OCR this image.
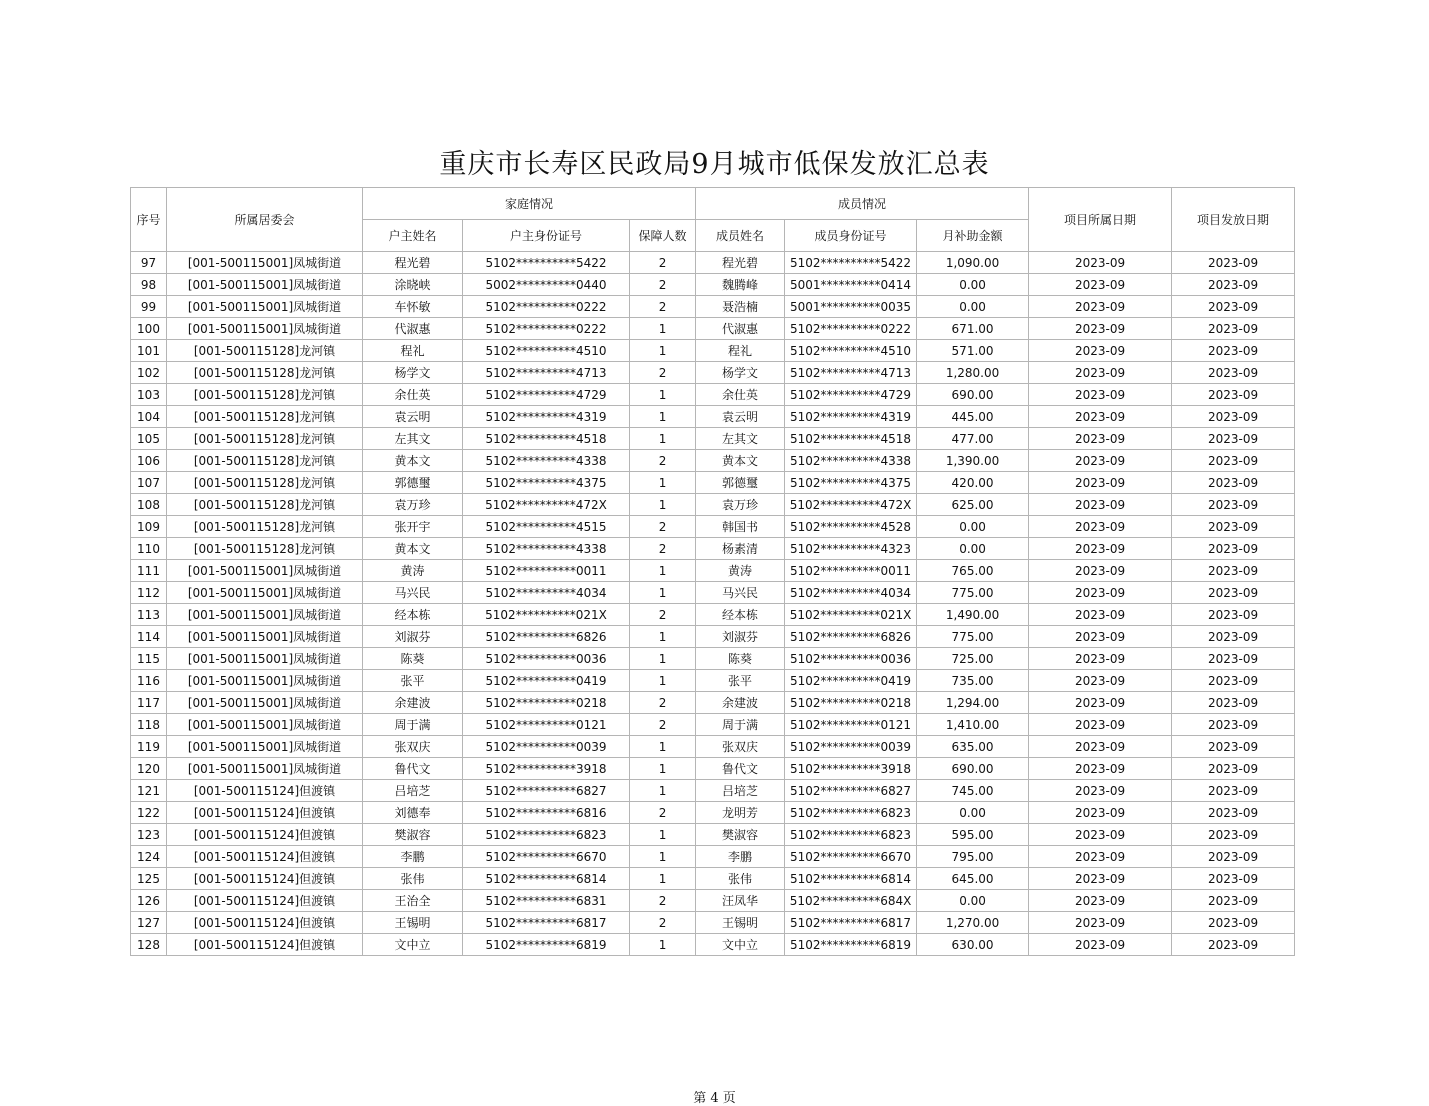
重庆市长寿区民政局9月城市低保发放汇总表
序号	所属居委会	家庭情况			成员情况			项目所属日期	项目发放日期
		户主姓名	户主身份证号	保障人数	成员姓名	成员身份证号	月补助金额		
97	[001-500115001]凤城街道	程光碧	5102**********5422	2	程光碧	5102**********5422	1,090.00	2023-09	2023-09
98	[001-500115001]凤城街道	涂晓峡	5002**********0440	2	魏腾峰	5001**********0414	0.00	2023-09	2023-09
99	[001-500115001]凤城街道	车怀敏	5102**********0222	2	聂浩楠	5001**********0035	0.00	2023-09	2023-09
100	[001-500115001]凤城街道	代淑惠	5102**********0222	1	代淑惠	5102**********0222	671.00	2023-09	2023-09
101	[001-500115128]龙河镇	程礼	5102**********4510	1	程礼	5102**********4510	571.00	2023-09	2023-09
102	[001-500115128]龙河镇	杨学文	5102**********4713	2	杨学文	5102**********4713	1,280.00	2023-09	2023-09
103	[001-500115128]龙河镇	余仕英	5102**********4729	1	余仕英	5102**********4729	690.00	2023-09	2023-09
104	[001-500115128]龙河镇	袁云明	5102**********4319	1	袁云明	5102**********4319	445.00	2023-09	2023-09
105	[001-500115128]龙河镇	左其文	5102**********4518	1	左其文	5102**********4518	477.00	2023-09	2023-09
106	[001-500115128]龙河镇	黄本文	5102**********4338	2	黄本文	5102**********4338	1,390.00	2023-09	2023-09
107	[001-500115128]龙河镇	郭德璽	5102**********4375	1	郭德璽	5102**********4375	420.00	2023-09	2023-09
108	[001-500115128]龙河镇	袁万珍	5102**********472X	1	袁万珍	5102**********472X	625.00	2023-09	2023-09
109	[001-500115128]龙河镇	张开宇	5102**********4515	2	韩国书	5102**********4528	0.00	2023-09	2023-09
110	[001-500115128]龙河镇	黄本文	5102**********4338	2	杨素清	5102**********4323	0.00	2023-09	2023-09
111	[001-500115001]凤城街道	黄涛	5102**********0011	1	黄涛	5102**********0011	765.00	2023-09	2023-09
112	[001-500115001]凤城街道	马兴民	5102**********4034	1	马兴民	5102**********4034	775.00	2023-09	2023-09
113	[001-500115001]凤城街道	经本栋	5102**********021X	2	经本栋	5102**********021X	1,490.00	2023-09	2023-09
114	[001-500115001]凤城街道	刘淑芬	5102**********6826	1	刘淑芬	5102**********6826	775.00	2023-09	2023-09
115	[001-500115001]凤城街道	陈葵	5102**********0036	1	陈葵	5102**********0036	725.00	2023-09	2023-09
116	[001-500115001]凤城街道	张平	5102**********0419	1	张平	5102**********0419	735.00	2023-09	2023-09
117	[001-500115001]凤城街道	余建波	5102**********0218	2	余建波	5102**********0218	1,294.00	2023-09	2023-09
118	[001-500115001]凤城街道	周于满	5102**********0121	2	周于满	5102**********0121	1,410.00	2023-09	2023-09
119	[001-500115001]凤城街道	张双庆	5102**********0039	1	张双庆	5102**********0039	635.00	2023-09	2023-09
120	[001-500115001]凤城街道	鲁代文	5102**********3918	1	鲁代文	5102**********3918	690.00	2023-09	2023-09
121	[001-500115124]但渡镇	吕培芝	5102**********6827	1	吕培芝	5102**********6827	745.00	2023-09	2023-09
122	[001-500115124]但渡镇	刘德奉	5102**********6816	2	龙明芳	5102**********6823	0.00	2023-09	2023-09
123	[001-500115124]但渡镇	樊淑容	5102**********6823	1	樊淑容	5102**********6823	595.00	2023-09	2023-09
124	[001-500115124]但渡镇	李鹏	5102**********6670	1	李鹏	5102**********6670	795.00	2023-09	2023-09
125	[001-500115124]但渡镇	张伟	5102**********6814	1	张伟	5102**********6814	645.00	2023-09	2023-09
126	[001-500115124]但渡镇	王治全	5102**********6831	2	汪凤华	5102**********684X	0.00	2023-09	2023-09
127	[001-500115124]但渡镇	王锡明	5102**********6817	2	王锡明	5102**********6817	1,270.00	2023-09	2023-09
128	[001-500115124]但渡镇	文中立	5102**********6819	1	文中立	5102**********6819	630.00	2023-09	2023-09
第 4 页
